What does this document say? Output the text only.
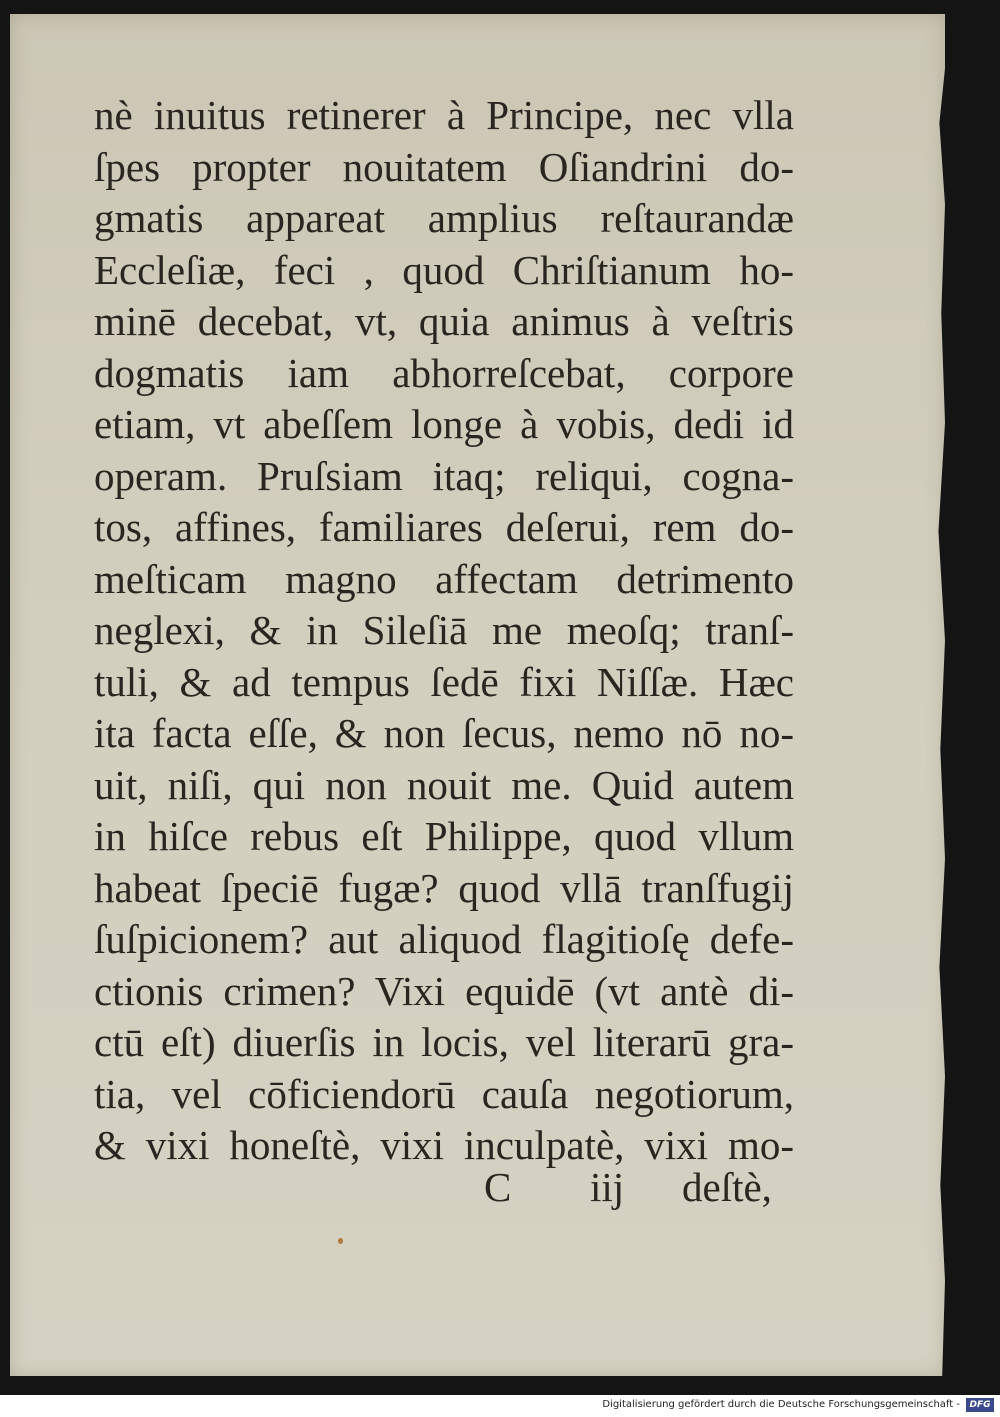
nè inuitus retinerer à Principe, nec vlla
ſpes propter nouitatem Oſiandrini do-
gmatis appareat amplius reſtaurandæ
Eccleſiæ, feci , quod Chriſtianum ho-
minē decebat, vt, quia animus à veſtris
dogmatis iam abhorreſcebat, corpore
etiam, vt abeſſem longe à vobis, dedi id
operam. Pruſsiam itaq; reliqui, cogna-
tos, affines, familiares deſerui, rem do-
meſticam magno affectam detrimento
neglexi, & in Sileſiā me meoſq; tranſ-
tuli, & ad tempus ſedē fixi Niſſæ. Hæc
ita facta eſſe, & non ſecus, nemo nō no-
uit, niſi, qui non nouit me. Quid autem
in hiſce rebus eſt Philippe, quod vllum
habeat ſpeciē fugæ? quod vllā tranſfugij
ſuſpicionem? aut aliquod flagitioſę defe-
ctionis crimen? Vixi equidē (vt antè di-
ctū eſt) diuerſis in locis, vel literarū gra-
tia, vel cōficiendorū cauſa negotiorum,
& vixi honeſtè, vixi inculpatè, vixi mo-
C iij deſtè,
Digitalisierung gefördert durch die Deutsche Forschungsgemeinschaft -	DFG
